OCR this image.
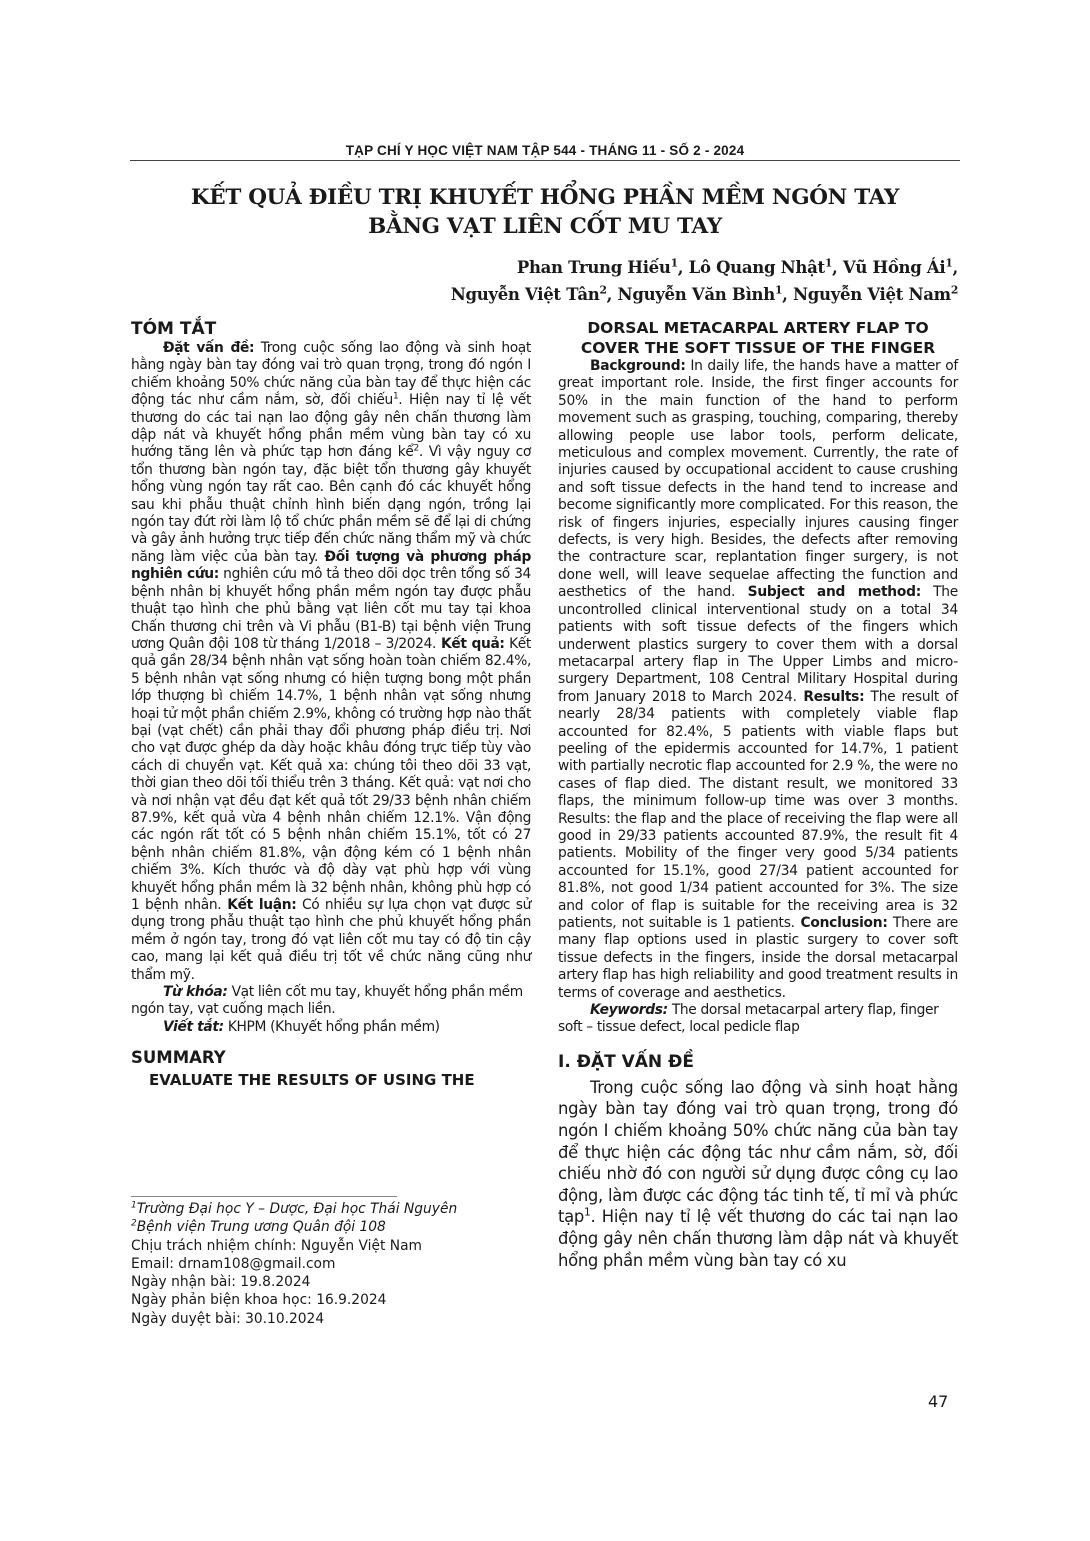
TẠP CHÍ Y HỌC VIỆT NAM TẬP 544 - THÁNG 11 - SỐ 2 - 2024
KẾT QUẢ ĐIỀU TRỊ KHUYẾT HỔNG PHẦN MỀM NGÓN TAY
BẰNG VẠT LIÊN CỐT MU TAY
Phan Trung Hiếu$^1$, Lô Quang Nhật$^1$, Vũ Hồng $Ái^1$,
Nguyễn Việt Tân$^2$, Nguyễn Văn Bình$^1$, Nguyễn Việt Nam$^2$
TÓM TẮT

Đặt vấn đề: Trong cuộc sống lao động và sinh hoạt hằng ngày bàn tay đóng vai trò quan trọng, trong đó ngón I chiếm khoảng 50% chức năng của bàn tay để thực hiện các động tác như cầm nắm, sờ, đối chiếu$^1$. Hiện nay tỉ lệ vết thương do các tai nạn lao động gây nên chấn thương làm dập nát và khuyết hổng phần mềm vùng bàn tay có xu hướng tăng lên và phức tạp hơn đáng kể$^2$. Vì vậy nguy cơ tổn thương bàn ngón tay, đặc biệt tổn thương gây khuyết hổng vùng ngón tay rất cao. Bên cạnh đó các khuyết hổng sau khi phẫu thuật chỉnh hình biến dạng ngón, trồng lại ngón tay đứt rời làm lộ tổ chức phần mềm sẽ để lại di chứng và gây ảnh hưởng trực tiếp đến chức năng thẩm mỹ và chức năng làm việc của bàn tay. Đối tượng và phương pháp nghiên cứu: nghiên cứu mô tả theo dõi dọc trên tổng số 34 bệnh nhân bị khuyết hổng phần mềm ngón tay được phẫu thuật tạo hình che phủ bằng vạt liên cốt mu tay tại khoa Chấn thương chi trên và Vi phẫu (B1-B) tại bệnh viện Trung ương Quân đội 108 từ tháng 1/2018 – 3/2024. Kết quả: Kết quả gần 28/34 bệnh nhân vạt sống hoàn toàn chiếm 82.4%, 5 bệnh nhân vạt sống nhưng có hiện tượng bong một phần lớp thượng bì chiếm 14.7%, 1 bệnh nhân vạt sống nhưng hoại tử một phần chiếm 2.9%, không có trường hợp nào thất bại (vạt chết) cần phải thay đổi phương pháp điều trị. Nơi cho vạt được ghép da dày hoặc khâu đóng trực tiếp tùy vào cách di chuyển vạt. Kết quả xa: chúng tôi theo dõi 33 vạt, thời gian theo dõi tối thiểu trên 3 tháng. Kết quả: vạt nơi cho và nơi nhận vạt đều đạt kết quả tốt 29/33 bệnh nhân chiếm 87.9%, kết quả vừa 4 bệnh nhân chiếm 12.1%. Vận động các ngón rất tốt có 5 bệnh nhân chiếm 15.1%, tốt có 27 bệnh nhân chiếm 81.8%, vận động kém có 1 bệnh nhân chiếm 3%. Kích thước và độ dày vạt phù hợp với vùng khuyết hổng phần mềm là 32 bệnh nhân, không phù hợp có 1 bệnh nhân. Kết luận: Có nhiều sự lựa chọn vạt được sử dụng trong phẫu thuật tạo hình che phủ khuyết hổng phần mềm ở ngón tay, trong đó vạt liên cốt mu tay có độ tin cậy cao, mang lại kết quả điều trị tốt về chức năng cũng như thẩm mỹ.

Từ khóa: Vạt liên cốt mu tay, khuyết hổng phần mềm ngón tay, vạt cuống mạch liền.

Viết tắt: KHPM (Khuyết hổng phần mềm)

SUMMARY
EVALUATE THE RESULTS OF USING THE
$^1$Trường Đại học Y – Dược, Đại học Thái Nguyên
$^2$Bệnh viện Trung ương Quân đội 108
Chịu trách nhiệm chính: Nguyễn Việt Nam
Email: drnam108@gmail.com
Ngày nhận bài: 19.8.2024
Ngày phản biện khoa học: 16.9.2024
Ngày duyệt bài: 30.10.2024
DORSAL METACARPAL ARTERY FLAP TO
COVER THE SOFT TISSUE OF THE FINGER

Background: In daily life, the hands have a matter of great important role. Inside, the first finger accounts for 50% in the main function of the hand to perform movement such as grasping, touching, comparing, thereby allowing people use labor tools, perform delicate, meticulous and complex movement. Currently, the rate of injuries caused by occupational accident to cause crushing and soft tissue defects in the hand tend to increase and become significantly more complicated. For this reason, the risk of fingers injuries, especially injures causing finger defects, is very high. Besides, the defects after removing the contracture scar, replantation finger surgery, is not done well, will leave sequelae affecting the function and aesthetics of the hand. Subject and method: The uncontrolled clinical interventional study on a total 34 patients with soft tissue defects of the fingers which underwent plastics surgery to cover them with a dorsal metacarpal artery flap in The Upper Limbs and micro-surgery Department, 108 Central Military Hospital during from January 2018 to March 2024. Results: The result of nearly 28/34 patients with completely viable flap accounted for 82.4%, 5 patients with viable flaps but peeling of the epidermis accounted for 14.7%, 1 patient with partially necrotic flap accounted for 2.9 %, the were no cases of flap died. The distant result, we monitored 33 flaps, the minimum follow-up time was over 3 months. Results: the flap and the place of receiving the flap were all good in 29/33 patients accounted 87.9%, the result fit 4 patients. Mobility of the finger very good 5/34 patients accounted for 15.1%, good 27/34 patient accounted for 81.8%, not good 1/34 patient accounted for 3%. The size and color of flap is suitable for the receiving area is 32 patients, not suitable is 1 patients. Conclusion: There are many flap options used in plastic surgery to cover soft tissue defects in the fingers, inside the dorsal metacarpal artery flap has high reliability and good treatment results in terms of coverage and aesthetics.

Keywords: The dorsal metacarpal artery flap, finger soft – tissue defect, local pedicle flap

I. ĐẶT VẤN ĐỀ

Trong cuộc sống lao động và sinh hoạt hằng ngày bàn tay đóng vai trò quan trọng, trong đó ngón I chiếm khoảng 50% chức năng của bàn tay để thực hiện các động tác như cầm nắm, sờ, đối chiếu nhờ đó con người sử dụng được công cụ lao động, làm được các động tác tinh tế, tỉ mỉ và phức tạp$^1$. Hiện nay tỉ lệ vết thương do các tai nạn lao động gây nên chấn thương làm dập nát và khuyết hổng phần mềm vùng bàn tay có xu

47
